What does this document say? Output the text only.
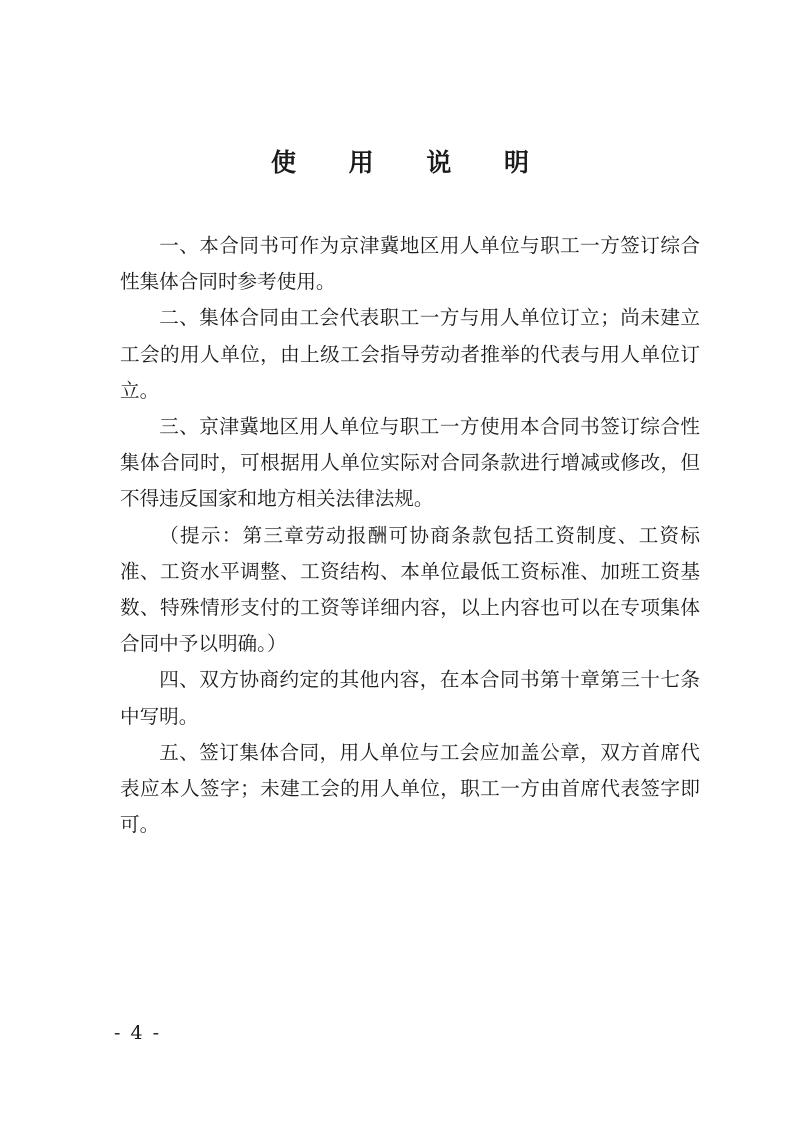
使 用 说 明

一、本合同书可作为京津冀地区用人单位与职工一方签订综合性集体合同时参考使用。

二、集体合同由工会代表职工一方与用人单位订立；尚未建立工会的用人单位，由上级工会指导劳动者推举的代表与用人单位订立。

三、京津冀地区用人单位与职工一方使用本合同书签订综合性集体合同时，可根据用人单位实际对合同条款进行增减或修改，但不得违反国家和地方相关法律法规。

（提示：第三章劳动报酬可协商条款包括工资制度、工资标准、工资水平调整、工资结构、本单位最低工资标准、加班工资基数、特殊情形支付的工资等详细内容，以上内容也可以在专项集体合同中予以明确。）

四、双方协商约定的其他内容，在本合同书第十章第三十七条中写明。

五、签订集体合同，用人单位与工会应加盖公章，双方首席代表应本人签字；未建工会的用人单位，职工一方由首席代表签字即可。

- 4 -
